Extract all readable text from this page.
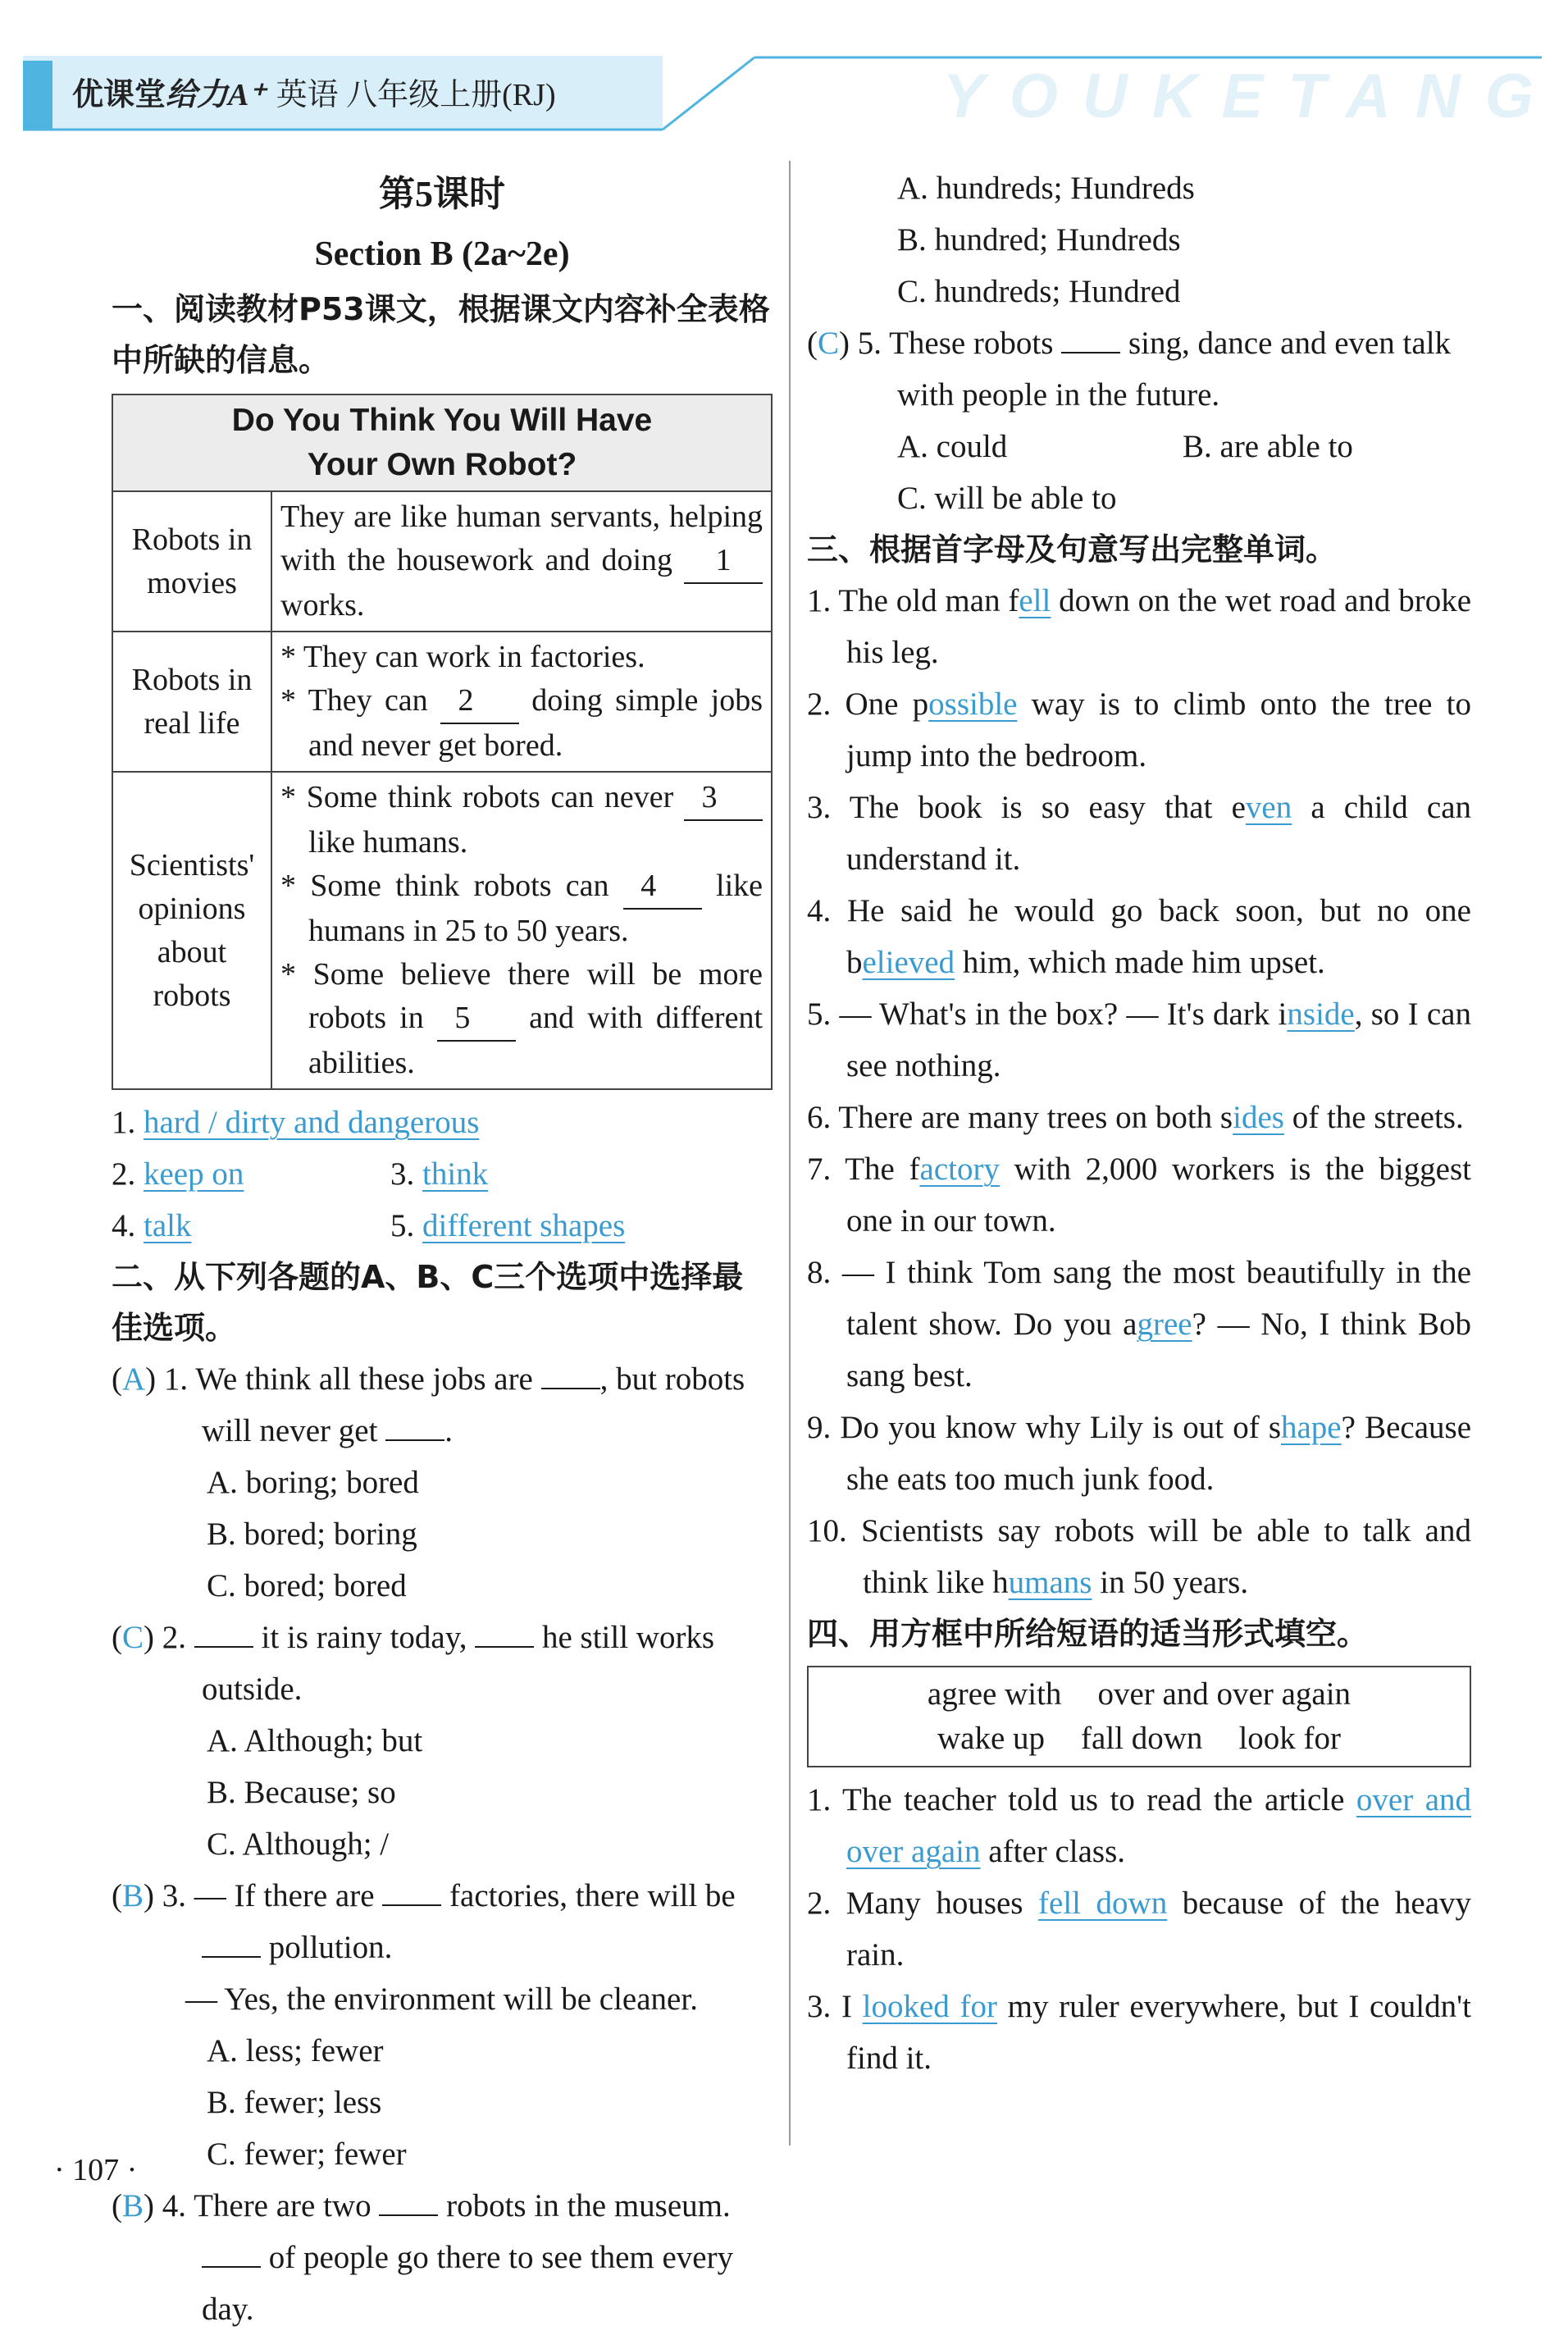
YOUKETANG
优课堂给力A⁺ 英语 八年级上册(RJ)
第5课时
Section B (2a~2e)
一、阅读教材P53课文，根据课文内容补全表格中所缺的信息。
Do You Think You Will Have Your Own Robot?	
Robots in movies	They are like human servants, helping with the housework and doing 1 works.
Robots in real life	* They can work in factories.
* They can 2 doing simple jobs and never get bored.

Scientists' opinions about robots	* Some think robots can never 3 like humans.
* Some think robots can 4 like humans in 25 to 50 years.
* Some believe there will be more robots in 5 and with different abilities.
1. hard / dirty and dangerous
2. keep on	3. think
4. talk	5. different shapes
二、从下列各题的A、B、C三个选项中选择最佳选项。
(A) 1. We think all these jobs are , but robots will never get .
A. boring; boredB. bored; boring
C. bored; bored
(C) 2. it is rainy today, he still works outside.
A. Although; butB. Because; so
C. Although; /
(B) 3. — If there are factories, there will be  pollution.
— Yes, the environment will be cleaner.
A. less; fewerB. fewer; less
C. fewer; fewer
(B) 4. There are two robots in the museum.  of people go there to see them every day.
A. hundreds; Hundreds
B. hundred; Hundreds
C. hundreds; Hundred
(C) 5. These robots sing, dance and even talk with people in the future.
A. could	B. are able to
C. will be able to
三、根据首字母及句意写出完整单词。
1. The old man fell down on the wet road and broke his leg.
2. One possible way is to climb onto the tree to jump into the bedroom.
3. The book is so easy that even a child can understand it.
4. He said he would go back soon, but no one believed him, which made him upset.
5. — What's in the box? — It's dark inside, so I can see nothing.
6. There are many trees on both sides of the streets.
7. The factory with 2,000 workers is the biggest one in our town.
8. — I think Tom sang the most beautifully in the talent show. Do you agree? — No, I think Bob sang best.
9. Do you know why Lily is out of shape? Because she eats too much junk food.
10. Scientists say robots will be able to talk and think like humans in 50 years.
四、用方框中所给短语的适当形式填空。
agree with over and over again
wake up fall down look for
1. The teacher told us to read the article over and over again after class.
2. Many houses fell down because of the heavy rain.
3. I looked for my ruler everywhere, but I couldn't find it.
· 107 ·
